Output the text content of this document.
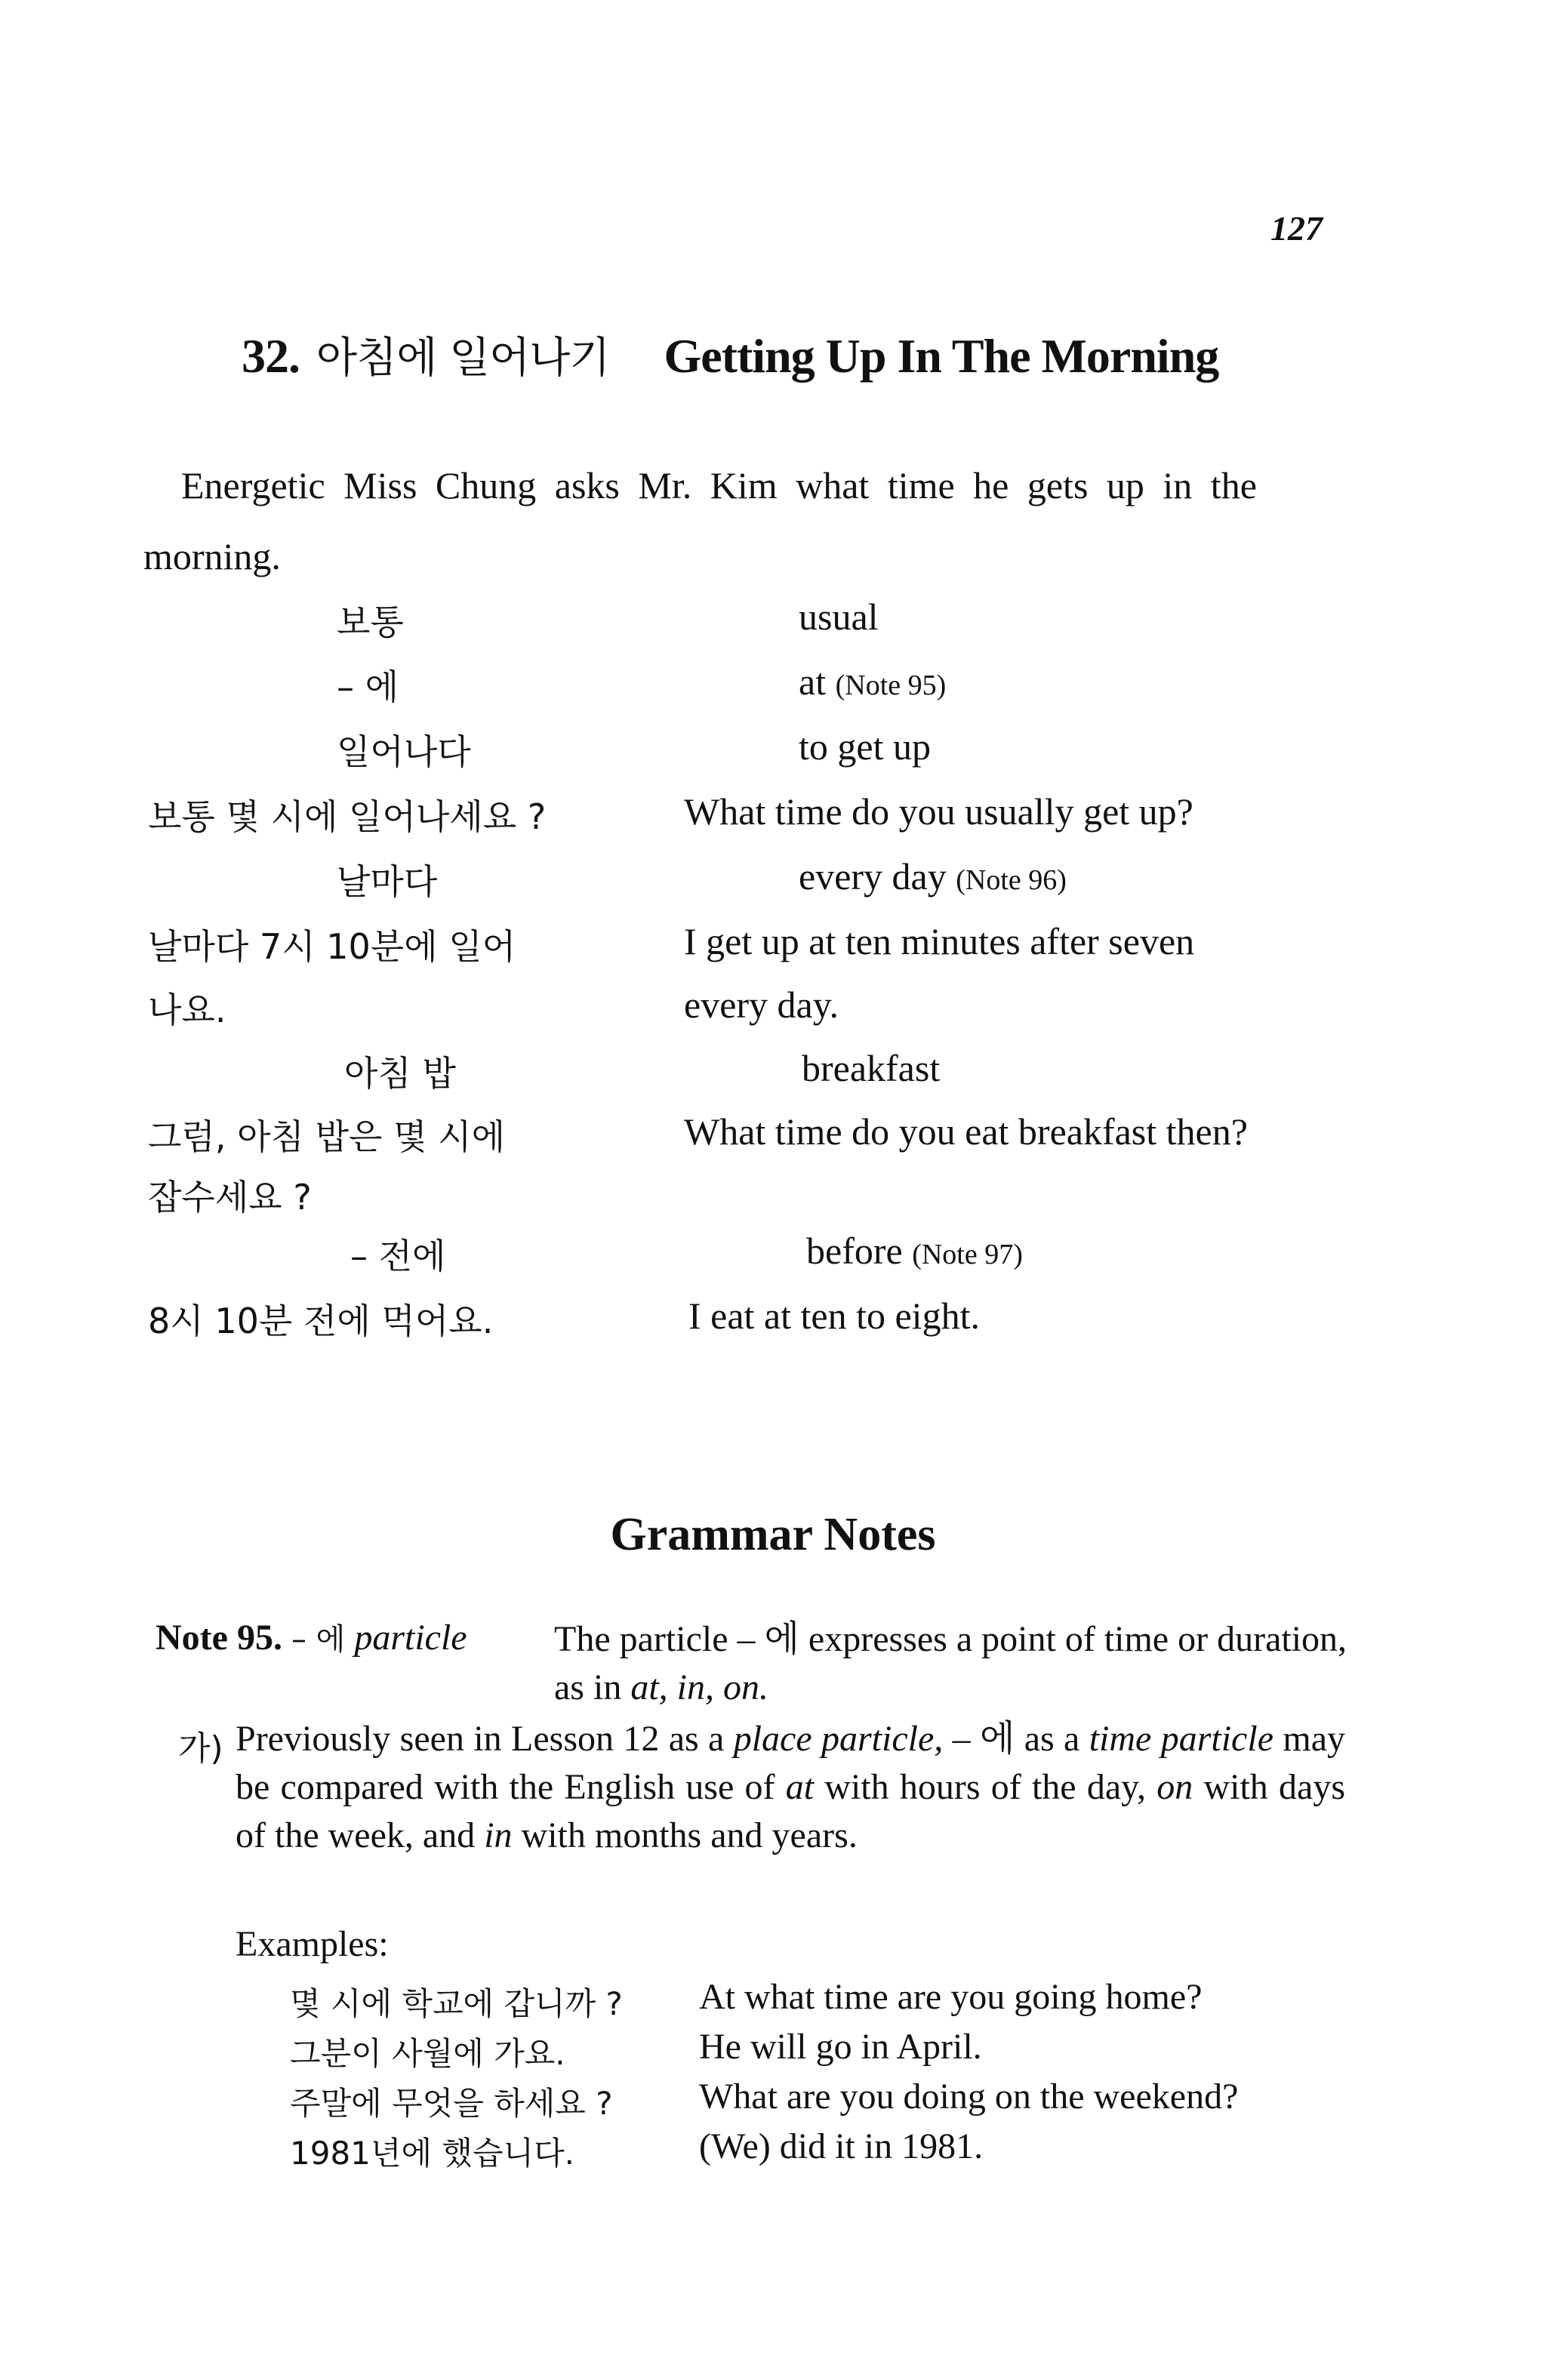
127
32. 아침에 일어나기 Getting Up In The Morning
Energetic Miss Chung asks Mr. Kim what time he gets up in the
morning.
보통	usual
– 에	at (Note 95)
일어나다	to get up
보통 몇 시에 일어나세요 ?	What time do you usually get up?
날마다	every day (Note 96)
날마다 7시 10분에 일어	I get up at ten minutes after seven
나요.	every day.
아침 밥	breakfast
그럼, 아침 밥은 몇 시에	What time do you eat breakfast then?
잡수세요 ?
– 전에	before (Note 97)
8시 10분 전에 먹어요.	I eat at ten to eight.
Grammar Notes
Note 95. – 에 particle The particle – 에 expresses a point of time or duration, as in at, in, on.
가) Previously seen in Lesson 12 as a place particle, – 에 as a time particle may be compared with the English use of at with hours of the day, on with days of the week, and in with months and years.
Examples:
몇 시에 학교에 갑니까 ? At what time are you going home?
그분이 사월에 가요.	He will go in April.
주말에 무엇을 하세요 ? What are you doing on the weekend?
1981년에 했습니다.	(We) did it in 1981.
